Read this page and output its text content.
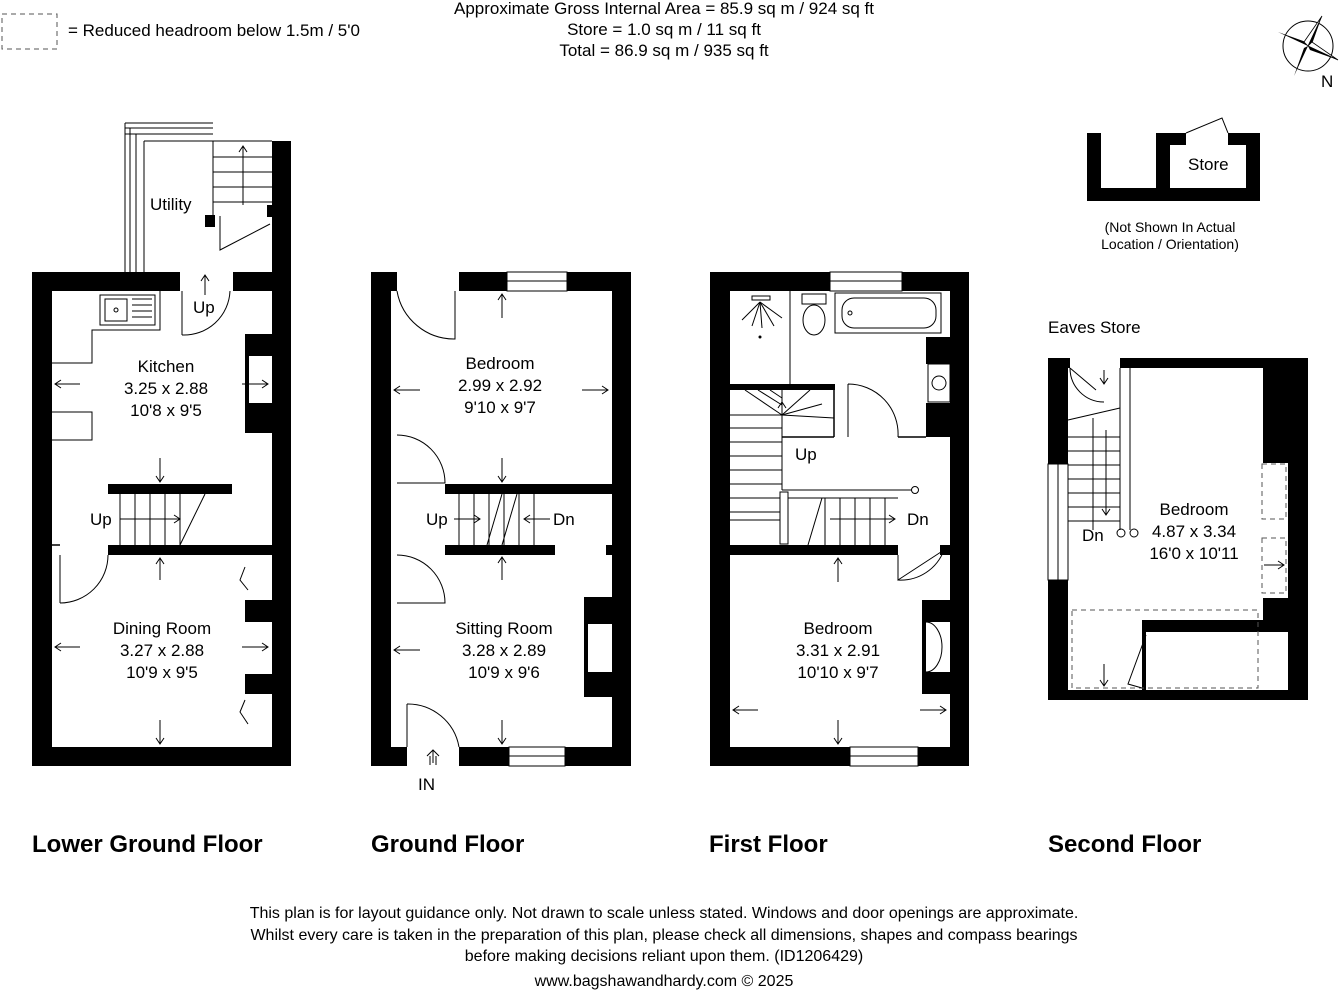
= Reduced headroom below 1.5m / 5'0
Approximate Gross Internal Area = 85.9 sq m / 924 sq ft
Store = 1.0 sq m / 11 sq ft
Total = 86.9 sq m / 935 sq ft
N
Utility
Up
Up
Kitchen
3.25 x 2.88
10'8 x 9'5
Dining Room
3.27 x 2.88
10'9 x 9'5
Lower Ground Floor
IN
Up	Dn
Bedroom
2.99 x 2.92
9'10 x 9'7
Sitting Room
3.28 x 2.89
10'9 x 9'6
Ground Floor
Up
Dn
Bedroom
3.31 x 2.91
10'10 x 9'7
First Floor
Store
(Not Shown In Actual
Location / Orientation)
Eaves Store
Dn
Bedroom
4.87 x 3.34
16'0 x 10'11
Second Floor
This plan is for layout guidance only. Not drawn to scale unless stated. Windows and door openings are approximate.
Whilst every care is taken in the preparation of this plan, please check all dimensions, shapes and compass bearings
before making decisions reliant upon them. (ID1206429)
www.bagshawandhardy.com © 2025
